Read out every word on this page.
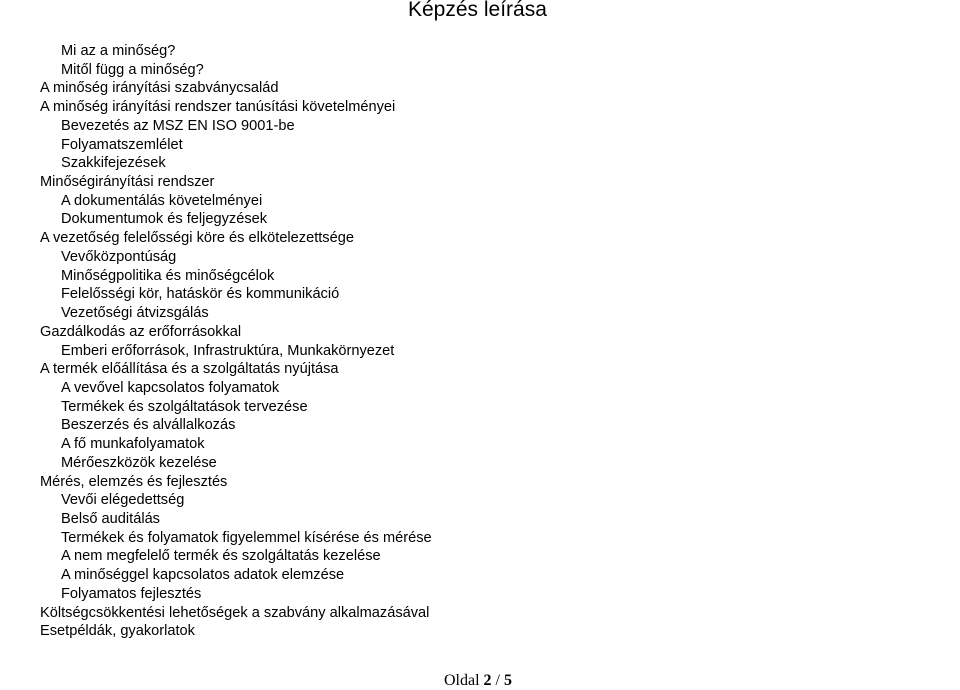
Képzés leírása
Mi az a minőség?
Mitől függ a minőség?
A minőség irányítási szabványcsalád
A minőség irányítási rendszer tanúsítási követelményei
Bevezetés az MSZ EN ISO 9001-be
Folyamatszemlélet
Szakkifejezések
Minőségirányítási rendszer
A dokumentálás követelményei
Dokumentumok és feljegyzések
A vezetőség felelősségi köre és elkötelezettsége
Vevőközpontúság
Minőségpolitika és minőségcélok
Felelősségi kör, hatáskör és kommunikáció
Vezetőségi átvizsgálás
Gazdálkodás az erőforrásokkal
Emberi erőforrások, Infrastruktúra, Munkakörnyezet
A termék előállítása és a szolgáltatás nyújtása
A vevővel kapcsolatos folyamatok
Termékek és szolgáltatások tervezése
Beszerzés és alvállalkozás
A fő munkafolyamatok
Mérőeszközök kezelése
Mérés, elemzés és fejlesztés
Vevői elégedettség
Belső auditálás
Termékek és folyamatok figyelemmel kísérése és mérése
A nem megfelelő termék és szolgáltatás kezelése
A minőséggel kapcsolatos adatok elemzése
Folyamatos fejlesztés
Költségcsökkentési lehetőségek a szabvány alkalmazásával
Esetpéldák, gyakorlatok
Oldal 2 / 5
